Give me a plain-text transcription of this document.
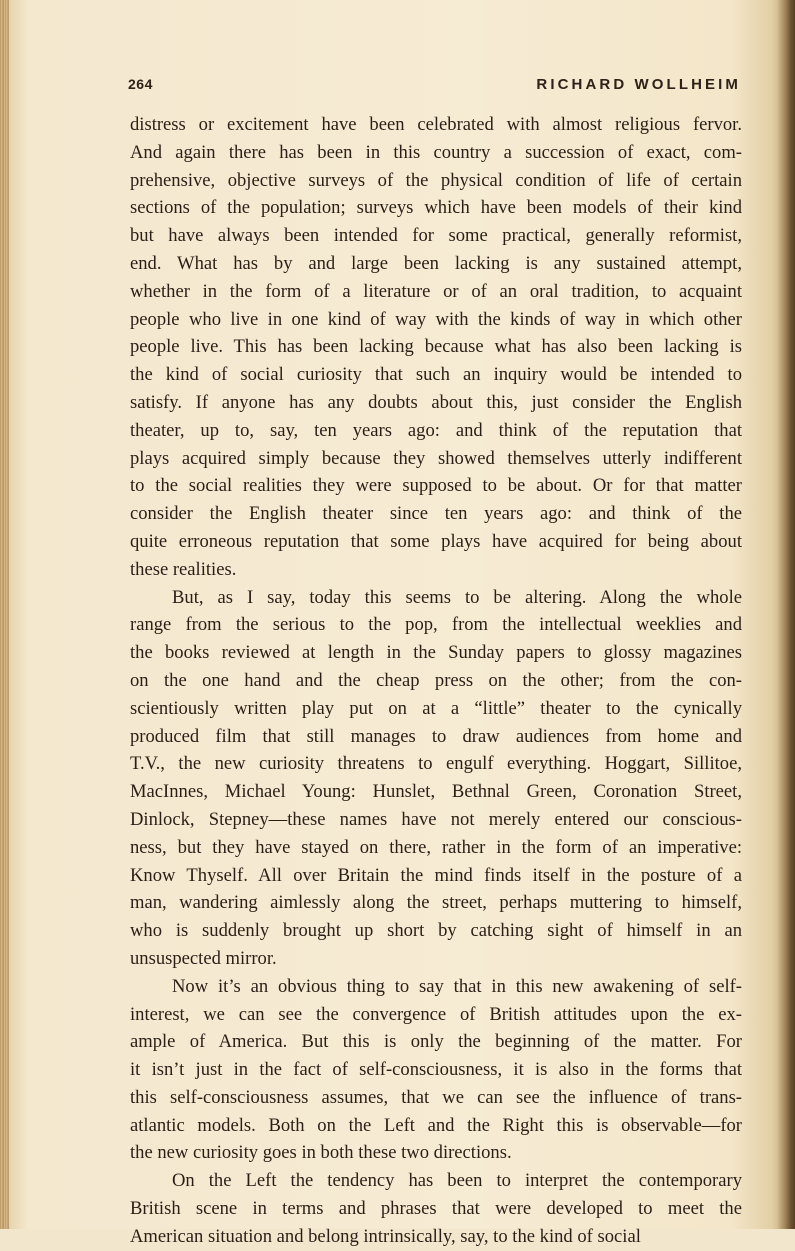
264	RICHARD WOLLHEIM
distress or excitement have been celebrated with almost religious fervor.
And again there has been in this country a succession of exact, com-
prehensive, objective surveys of the physical condition of life of certain
sections of the population; surveys which have been models of their kind
but have always been intended for some practical, generally reformist,
end. What has by and large been lacking is any sustained attempt,
whether in the form of a literature or of an oral tradition, to acquaint
people who live in one kind of way with the kinds of way in which other
people live. This has been lacking because what has also been lacking is
the kind of social curiosity that such an inquiry would be intended to
satisfy. If anyone has any doubts about this, just consider the English
theater, up to, say, ten years ago: and think of the reputation that
plays acquired simply because they showed themselves utterly indifferent
to the social realities they were supposed to be about. Or for that matter
consider the English theater since ten years ago: and think of the
quite erroneous reputation that some plays have acquired for being about
these realities.
But, as I say, today this seems to be altering. Along the whole
range from the serious to the pop, from the intellectual weeklies and
the books reviewed at length in the Sunday papers to glossy magazines
on the one hand and the cheap press on the other; from the con-
scientiously written play put on at a “little” theater to the cynically
produced film that still manages to draw audiences from home and
T.V., the new curiosity threatens to engulf everything. Hoggart, Sillitoe,
MacInnes, Michael Young: Hunslet, Bethnal Green, Coronation Street,
Dinlock, Stepney—these names have not merely entered our conscious-
ness, but they have stayed on there, rather in the form of an imperative:
Know Thyself. All over Britain the mind finds itself in the posture of a
man, wandering aimlessly along the street, perhaps muttering to himself,
who is suddenly brought up short by catching sight of himself in an
unsuspected mirror.
Now it’s an obvious thing to say that in this new awakening of self-
interest, we can see the convergence of British attitudes upon the ex-
ample of America. But this is only the beginning of the matter. For
it isn’t just in the fact of self-consciousness, it is also in the forms that
this self-consciousness assumes, that we can see the influence of trans-
atlantic models. Both on the Left and the Right this is observable—for
the new curiosity goes in both these two directions.
On the Left the tendency has been to interpret the contemporary
British scene in terms and phrases that were developed to meet the
American situation and belong intrinsically, say, to the kind of social
